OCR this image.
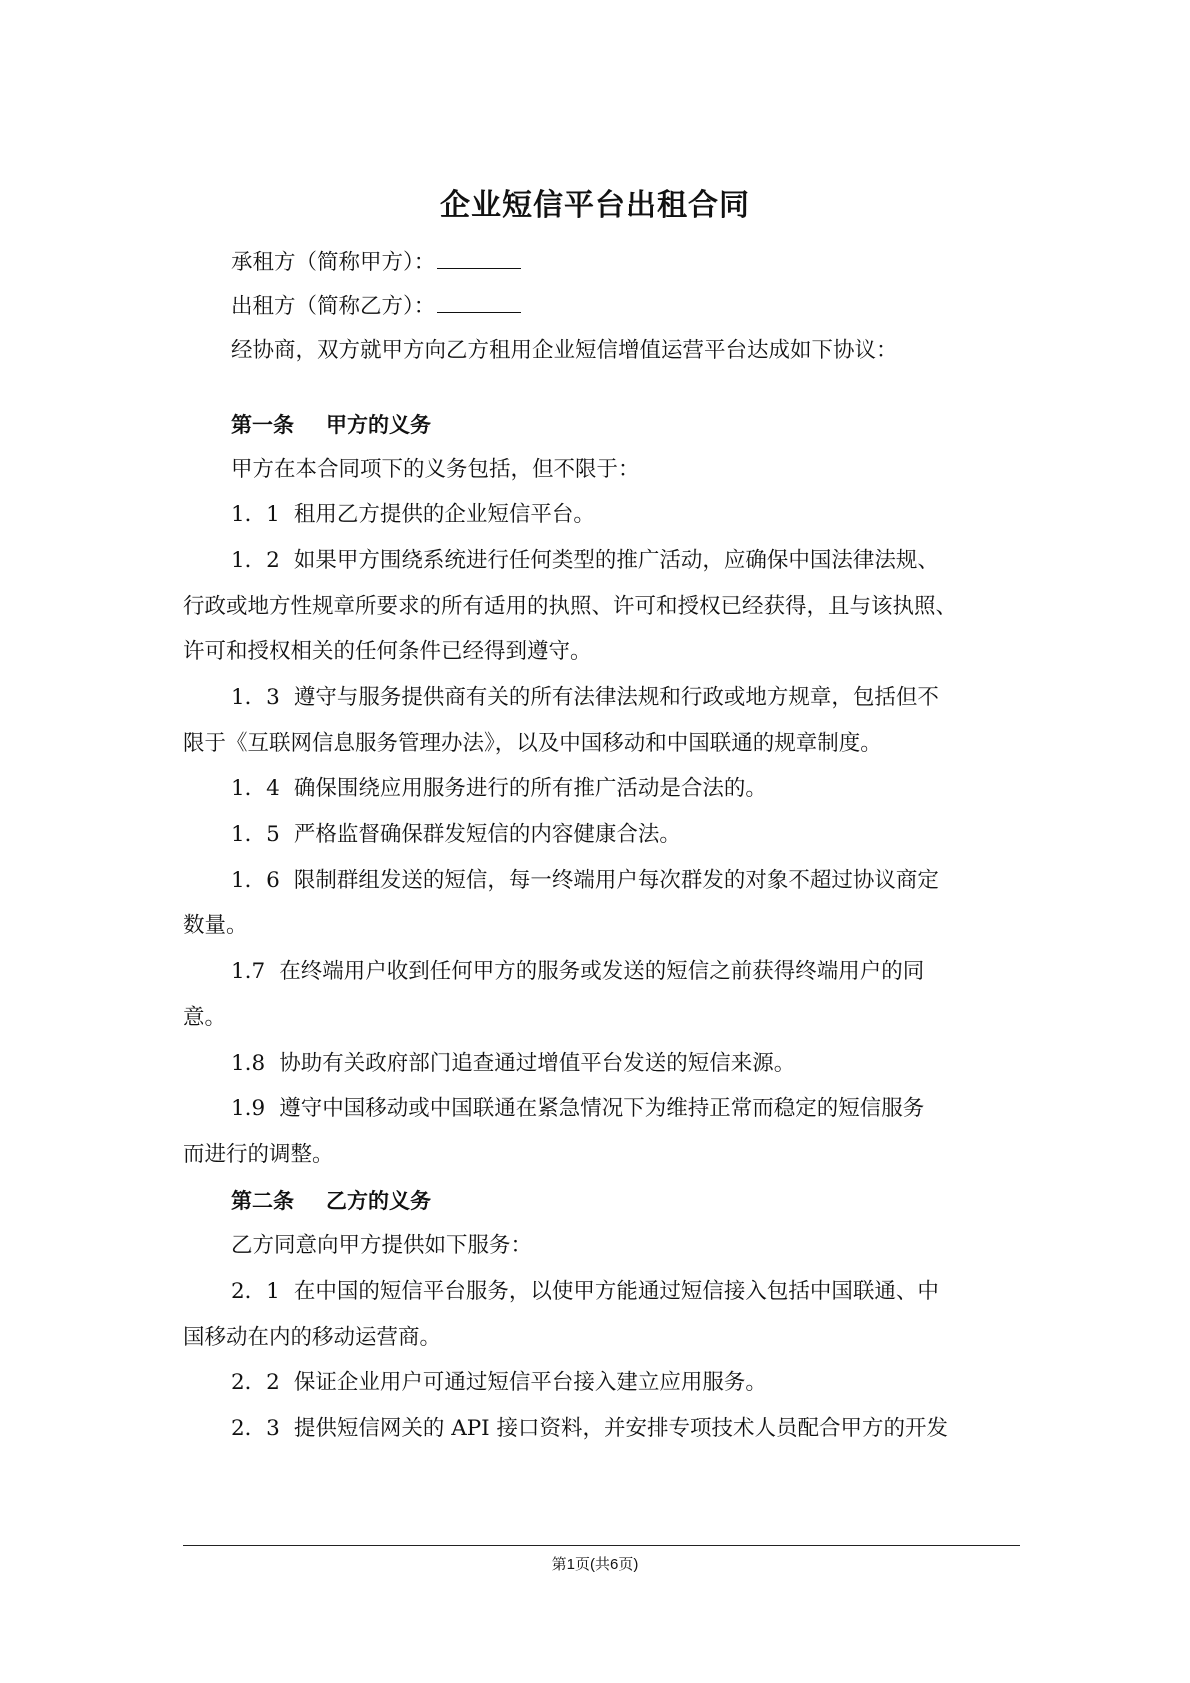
企业短信平台出租合同
承租方（简称甲方）：
出租方（简称乙方）：
经协商，双方就甲方向乙方租用企业短信增值运营平台达成如下协议：
第一条 甲方的义务
甲方在本合同项下的义务包括，但不限于：
1．1 租用乙方提供的企业短信平台。
1．2 如果甲方围绕系统进行任何类型的推广活动，应确保中国法律法规、
行政或地方性规章所要求的所有适用的执照、许可和授权已经获得，且与该执照、
许可和授权相关的任何条件已经得到遵守。
1．3 遵守与服务提供商有关的所有法律法规和行政或地方规章，包括但不
限于《互联网信息服务管理办法》，以及中国移动和中国联通的规章制度。
1．4 确保围绕应用服务进行的所有推广活动是合法的。
1．5 严格监督确保群发短信的内容健康合法。
1．6 限制群组发送的短信，每一终端用户每次群发的对象不超过协议商定
数量。
1.7 在终端用户收到任何甲方的服务或发送的短信之前获得终端用户的同
意。
1.8 协助有关政府部门追查通过增值平台发送的短信来源。
1.9 遵守中国移动或中国联通在紧急情况下为维持正常而稳定的短信服务
而进行的调整。
第二条 乙方的义务
乙方同意向甲方提供如下服务：
2．1 在中国的短信平台服务，以使甲方能通过短信接入包括中国联通、中
国移动在内的移动运营商。
2．2 保证企业用户可通过短信平台接入建立应用服务。
2．3 提供短信网关的 API 接口资料，并安排专项技术人员配合甲方的开发
第1页(共6页)
